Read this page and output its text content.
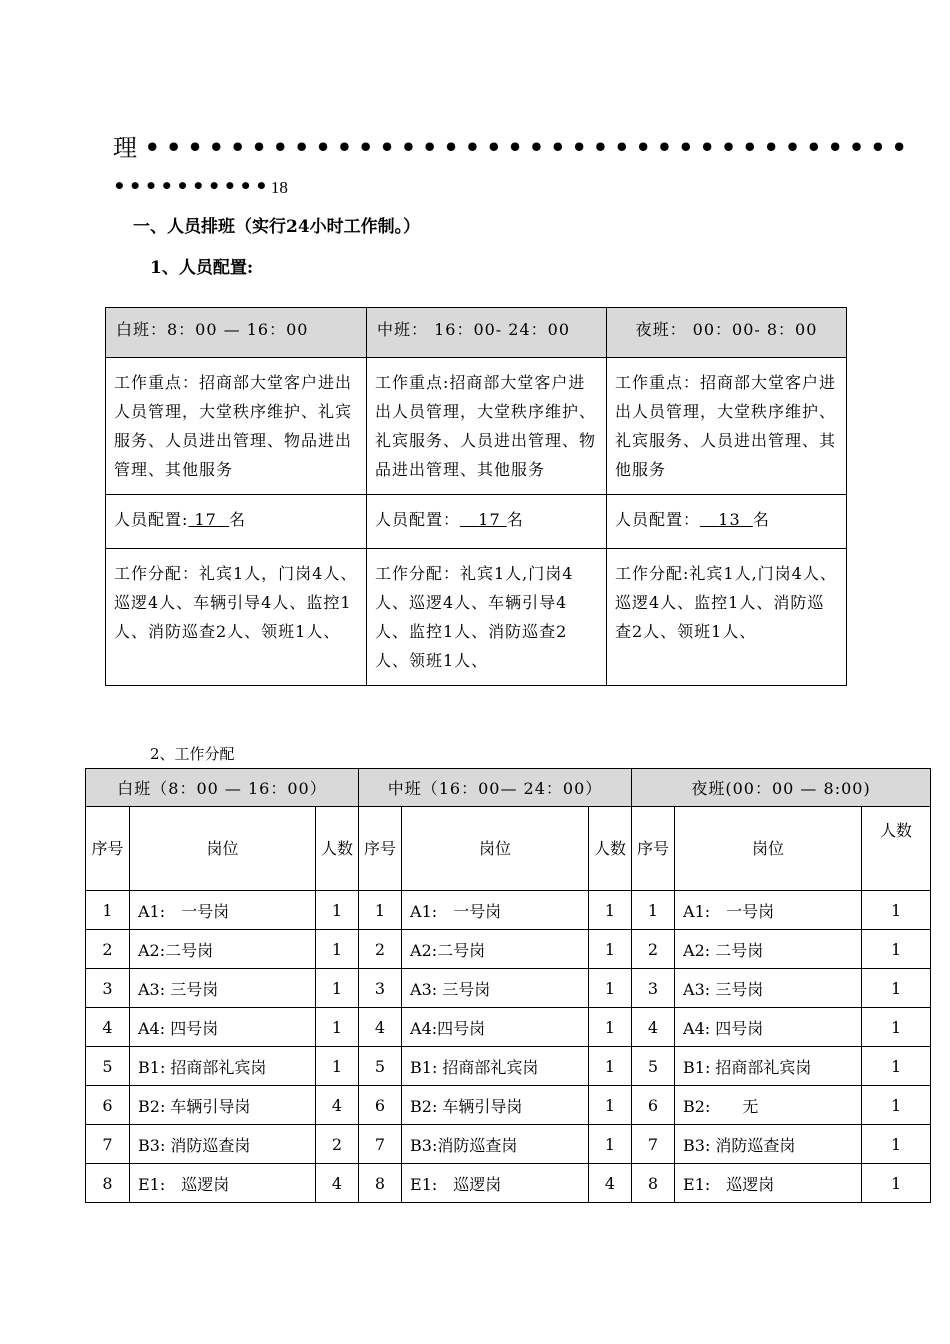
理 ••••••••••••••••••••••••••••••••••••
••••••••••18
一、人员排班（实行24小时工作制。）
1、人员配置:
白班：8：00 — 16：00	中班： 16：00- 24：00	夜班： 00：00- 8：00
工作重点：招商部大堂客户进出人员管理，大堂秩序维护、礼宾服务、人员进出管理、物品进出管理、其他服务	工作重点:招商部大堂客户进出人员管理，大堂秩序维护、礼宾服务、人员进出管理、物品进出管理、其他服务	工作重点：招商部大堂客户进出人员管理，大堂秩序维护、礼宾服务、人员进出管理、其他服务
人员配置: 17 名	人员配置： 17 名	人员配置： 13 名
工作分配：礼宾1人，门岗4人、巡逻4人、车辆引导4人、监控1人、消防巡查2人、领班1人、	工作分配：礼宾1人,门岗4人、巡逻4人、车辆引导4人、监控1人、消防巡查2人、领班1人、	工作分配:礼宾1人,门岗4人、巡逻4人、监控1人、消防巡查2人、领班1人、
2、工作分配
白班（8：00 — 16：00）			中班（16：00— 24：00）			夜班(00：00 — 8:00)		
序号	岗位	人数	序号	岗位	人数	序号	岗位	人数
1	A1:　一号岗	1	1	A1:　一号岗	1	1	A1:　一号岗	1
2	A2:二号岗	1	2	A2:二号岗	1	2	A2: 二号岗	1
3	A3: 三号岗	1	3	A3: 三号岗	1	3	A3: 三号岗	1
4	A4: 四号岗	1	4	A4:四号岗	1	4	A4: 四号岗	1
5	B1: 招商部礼宾岗	1	5	B1: 招商部礼宾岗	1	5	B1: 招商部礼宾岗	1
6	B2: 车辆引导岗	4	6	B2: 车辆引导岗	1	6	B2:　　无	1
7	B3: 消防巡查岗	2	7	B3:消防巡查岗	1	7	B3: 消防巡查岗	1
8	E1:　巡逻岗	4	8	E1:　巡逻岗	4	8	E1:　巡逻岗	1
